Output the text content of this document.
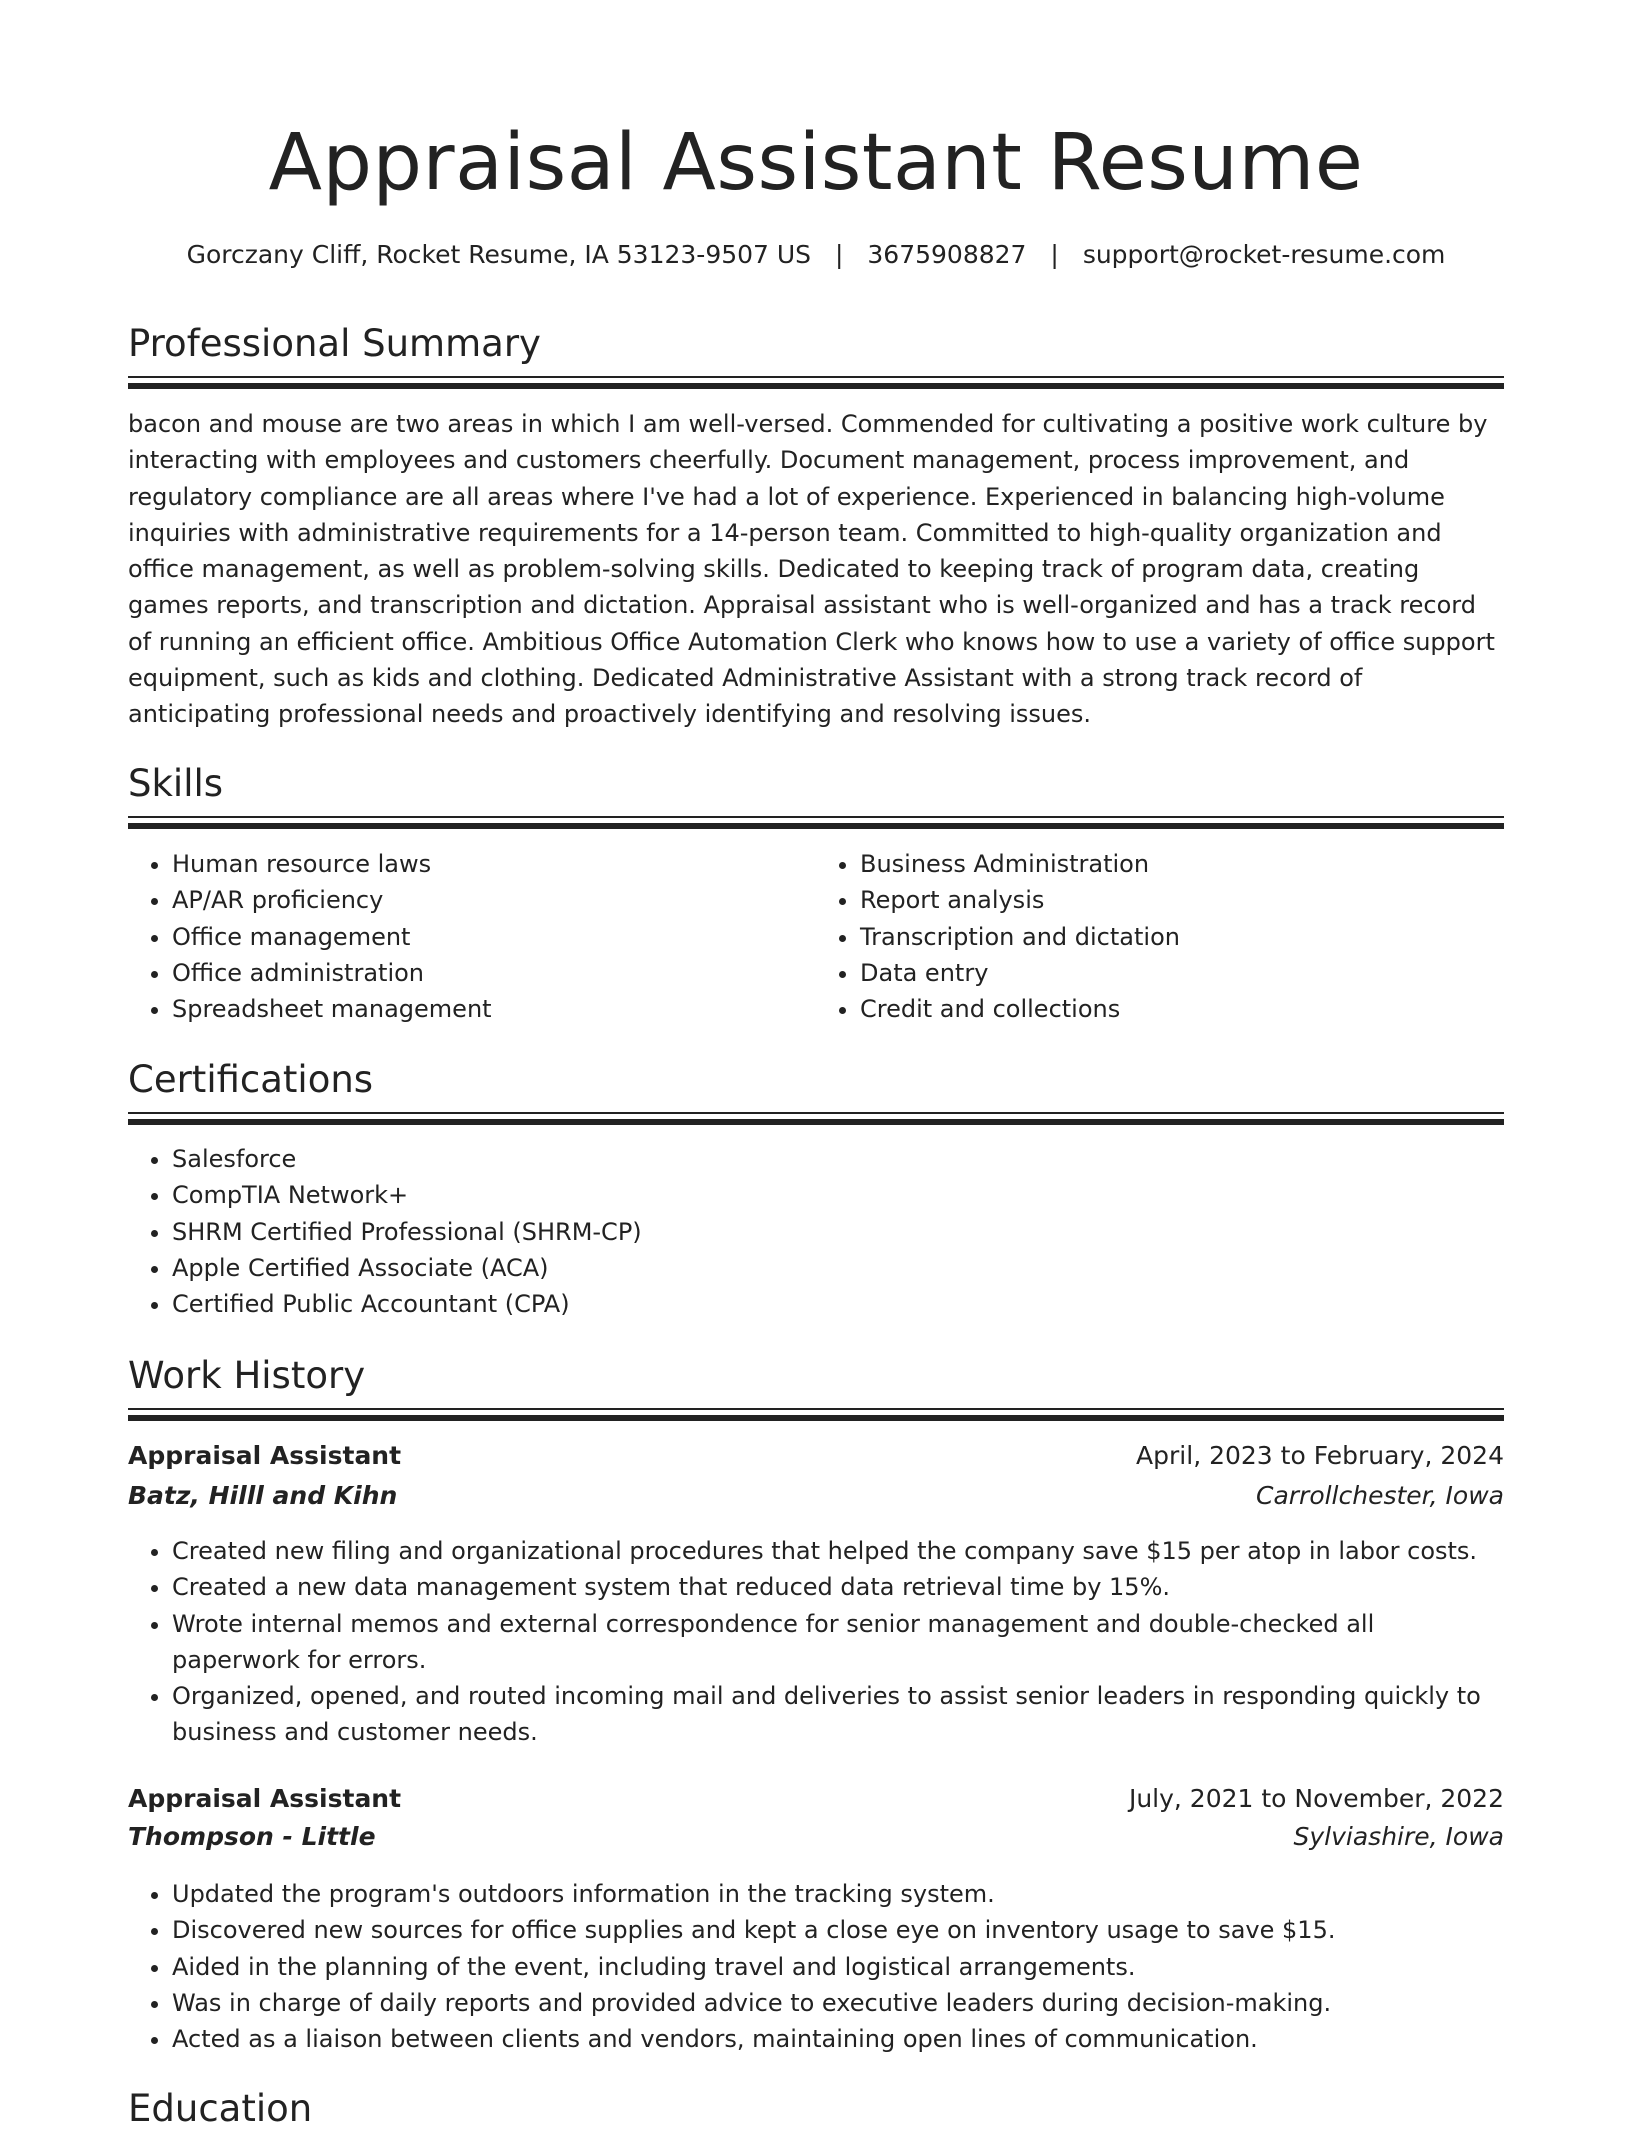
Appraisal Assistant Resume
Gorczany Cliff, Rocket Resume, IA 53123-9507 US | 3675908827 | support@rocket-resume.com
Professional Summary

bacon and mouse are two areas in which I am well-versed. Commended for cultivating a positive work culture by interacting with employees and customers cheerfully. Document management, process improvement, and regulatory compliance are all areas where I've had a lot of experience. Experienced in balancing high-volume inquiries with administrative requirements for a 14-person team. Committed to high-quality organization and office management, as well as problem-solving skills. Dedicated to keeping track of program data, creating games reports, and transcription and dictation. Appraisal assistant who is well-organized and has a track record of running an efficient office. Ambitious Office Automation Clerk who knows how to use a variety of office support equipment, such as kids and clothing. Dedicated Administrative Assistant with a strong track record of anticipating professional needs and proactively identifying and resolving issues.

Skills
• Human resource laws
• AP/AR proficiency
• Office management
• Office administration
• Spreadsheet management
• Business Administration
• Report analysis
• Transcription and dictation
• Data entry
• Credit and collections
Certifications
• Salesforce
• CompTIA Network+
• SHRM Certified Professional (SHRM-CP)
• Apple Certified Associate (ACA)
• Certified Public Accountant (CPA)
Work History
Appraisal Assistant	April, 2023 to February, 2024
Batz, Hilll and Kihn	Carrollchester, Iowa
• Created new filing and organizational procedures that helped the company save $15 per atop in labor costs.
• Created a new data management system that reduced data retrieval time by 15%.
• Wrote internal memos and external correspondence for senior management and double-checked all paperwork for errors.
• Organized, opened, and routed incoming mail and deliveries to assist senior leaders in responding quickly to business and customer needs.
Appraisal Assistant	July, 2021 to November, 2022
Thompson - Little	Sylviashire, Iowa
• Updated the program's outdoors information in the tracking system.
• Discovered new sources for office supplies and kept a close eye on inventory usage to save $15.
• Aided in the planning of the event, including travel and logistical arrangements.
• Was in charge of daily reports and provided advice to executive leaders during decision-making.
• Acted as a liaison between clients and vendors, maintaining open lines of communication.
Education
